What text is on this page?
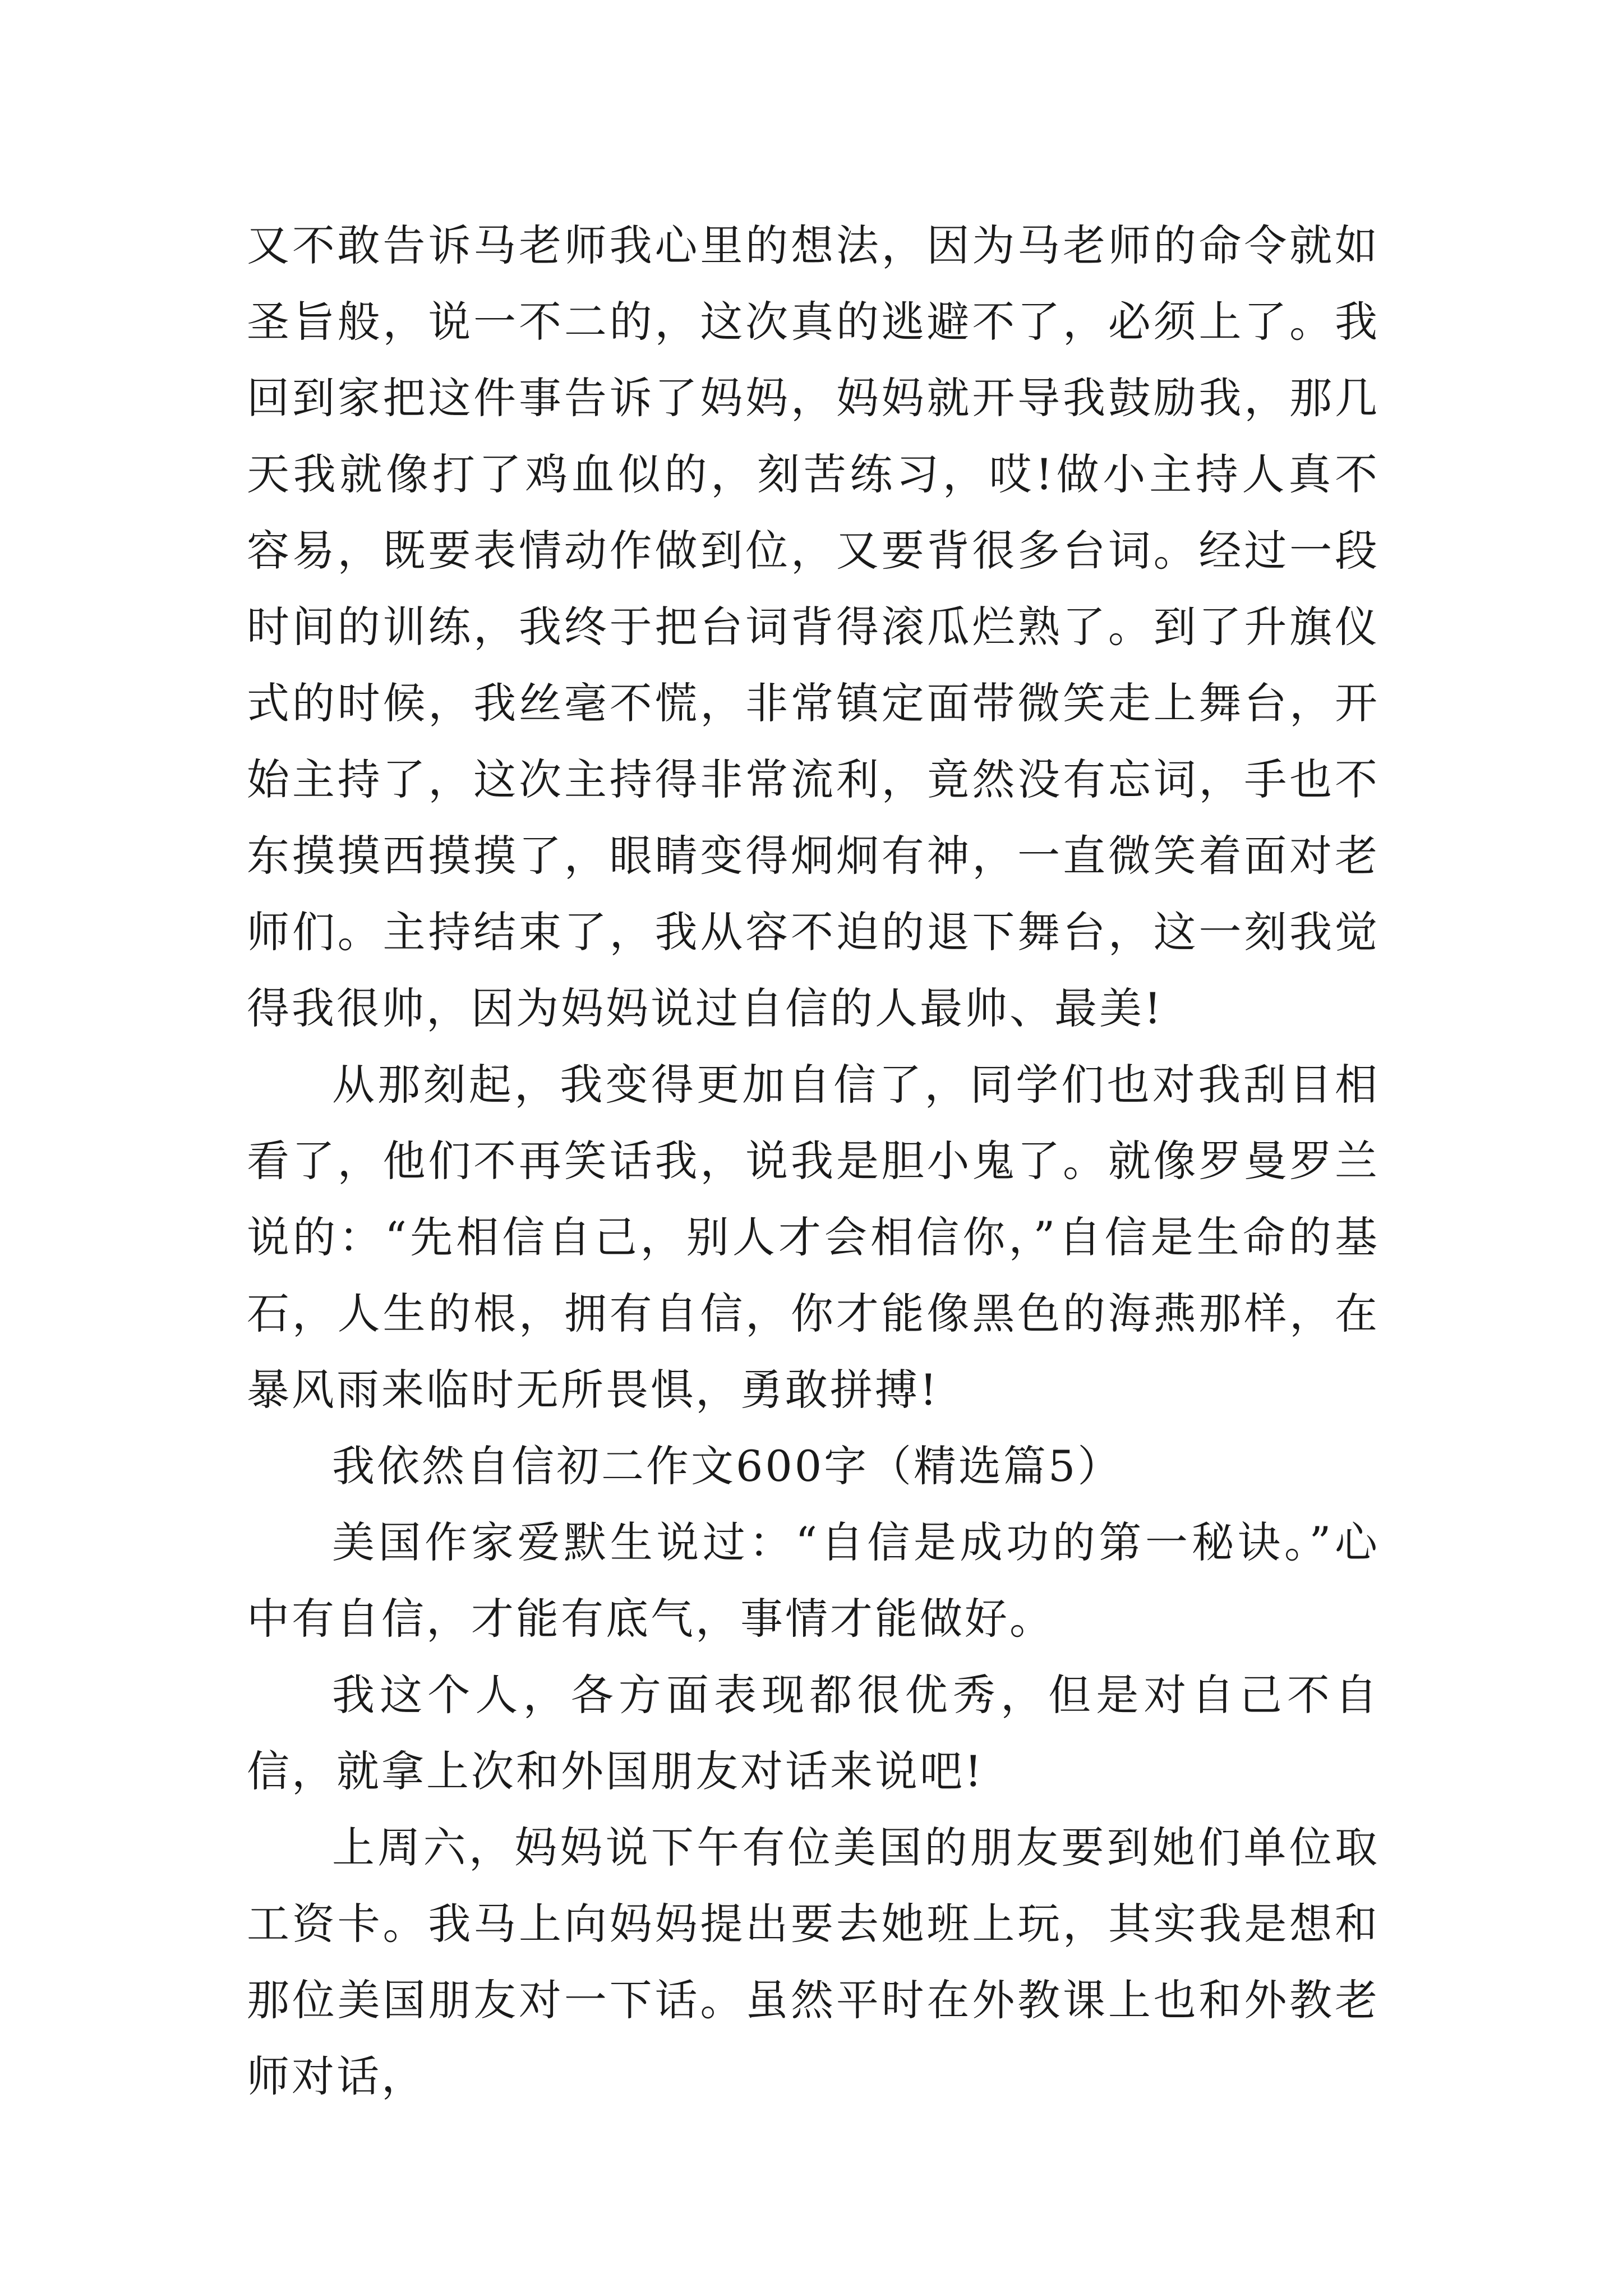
又不敢告诉马老师我心里的想法，因为马老师的命令就如圣旨般，说一不二的，这次真的逃避不了，必须上了。我回到家把这件事告诉了妈妈，妈妈就开导我鼓励我，那几天我就像打了鸡血似的，刻苦练习，哎!做小主持人真不容易，既要表情动作做到位，又要背很多台词。经过一段时间的训练，我终于把台词背得滚瓜烂熟了。到了升旗仪式的时候，我丝毫不慌，非常镇定面带微笑走上舞台，开始主持了，这次主持得非常流利，竟然没有忘词，手也不东摸摸西摸摸了，眼睛变得炯炯有神，一直微笑着面对老师们。主持结束了，我从容不迫的退下舞台，这一刻我觉得我很帅，因为妈妈说过自信的人最帅、最美!

从那刻起，我变得更加自信了，同学们也对我刮目相看了，他们不再笑话我，说我是胆小鬼了。就像罗曼罗兰说的：“先相信自己，别人才会相信你，”自信是生命的基石，人生的根，拥有自信，你才能像黑色的海燕那样，在暴风雨来临时无所畏惧，勇敢拼搏!

我依然自信初二作文600字（精选篇5）

美国作家爱默生说过：“自信是成功的第一秘诀。”心中有自信，才能有底气，事情才能做好。

我这个人，各方面表现都很优秀，但是对自己不自信，就拿上次和外国朋友对话来说吧!

上周六，妈妈说下午有位美国的朋友要到她们单位取工资卡。我马上向妈妈提出要去她班上玩，其实我是想和那位美国朋友对一下话。虽然平时在外教课上也和外教老师对话，
